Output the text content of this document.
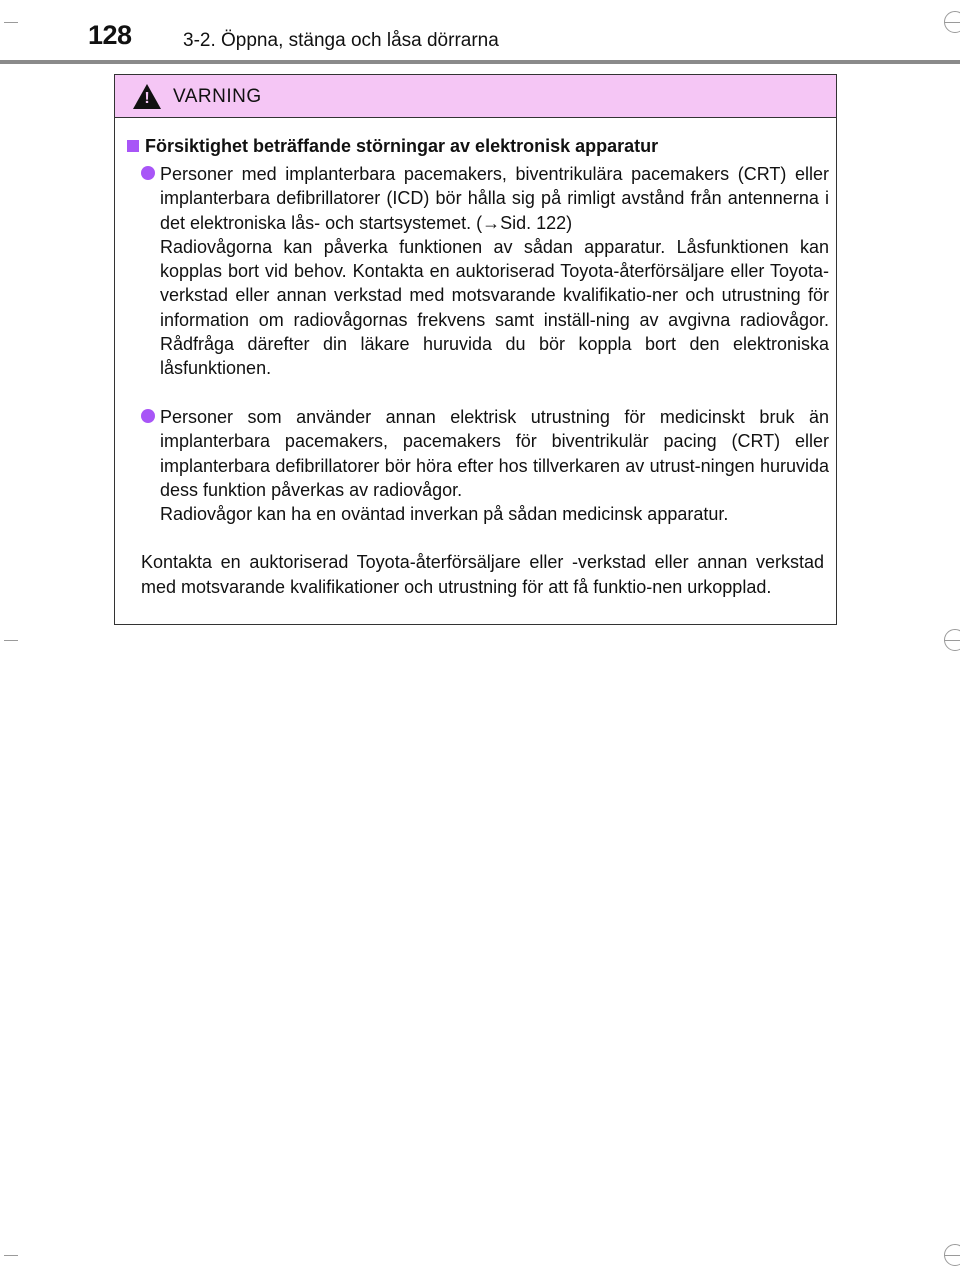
128	3-2. Öppna, stänga och låsa dörrarna
! VARNING
Försiktighet beträffande störningar av elektronisk apparatur

Personer med implanterbara pacemakers, biventrikulära pacemakers (CRT) eller implanterbara defibrillatorer (ICD) bör hålla sig på rimligt avstånd från antennerna i det elektroniska lås- och startsystemet. (→Sid. 122)

Radiovågorna kan påverka funktionen av sådan apparatur. Låsfunktionen kan kopplas bort vid behov. Kontakta en auktoriserad Toyota-återförsäljare eller Toyota-verkstad eller annan verkstad med motsvarande kvalifikatio-ner och utrustning för information om radiovågornas frekvens samt inställ-ning av avgivna radiovågor. Rådfråga därefter din läkare huruvida du bör koppla bort den elektroniska låsfunktionen.

Personer som använder annan elektrisk utrustning för medicinskt bruk än implanterbara pacemakers, pacemakers för biventrikulär pacing (CRT) eller implanterbara defibrillatorer bör höra efter hos tillverkaren av utrust-ningen huruvida dess funktion påverkas av radiovågor.

Radiovågor kan ha en oväntad inverkan på sådan medicinsk apparatur.

Kontakta en auktoriserad Toyota-återförsäljare eller -verkstad eller annan verkstad med motsvarande kvalifikationer och utrustning för att få funktio-nen urkopplad.
